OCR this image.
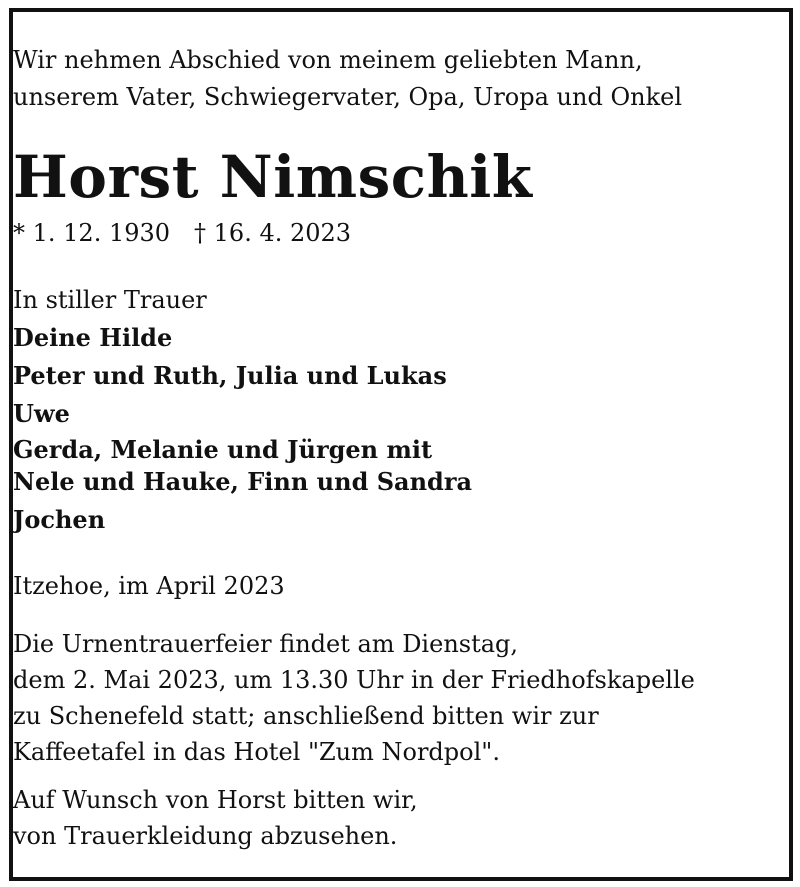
Wir nehmen Abschied von meinem geliebten Mann,
unserem Vater, Schwiegervater, Opa, Uropa und Onkel
Horst Nimschik
* 1. 12. 1930 † 16. 4. 2023
In stiller Trauer
Deine Hilde
Peter und Ruth, Julia und Lukas
Uwe
Gerda, Melanie und Jürgen mit
Nele und Hauke, Finn und Sandra
Jochen
Itzehoe, im April 2023
Die Urnentrauerfeier findet am Dienstag,
dem 2. Mai 2023, um 13.30 Uhr in der Friedhofskapelle
zu Schenefeld statt; anschließend bitten wir zur
Kaffeetafel in das Hotel "Zum Nordpol".
Auf Wunsch von Horst bitten wir,
von Trauerkleidung abzusehen.
